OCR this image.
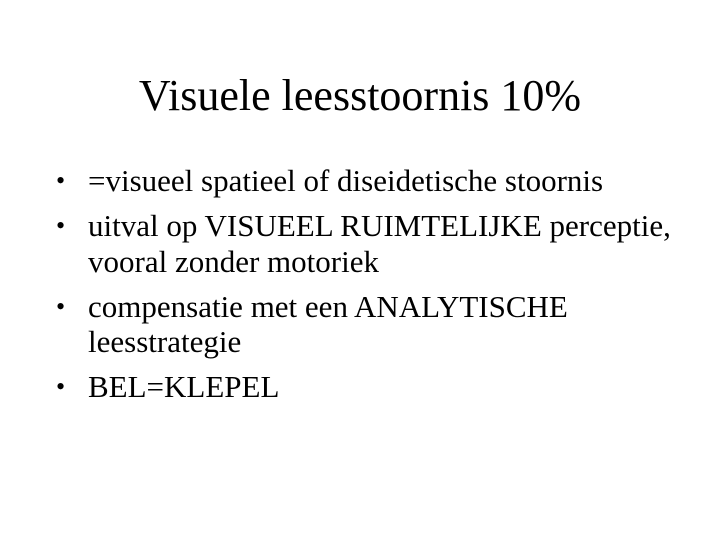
Visuele leesstoornis 10%
• =visueel spatieel of diseidetische stoornis
• uitval op VISUEEL RUIMTELIJKE perceptie, vooral zonder motoriek
• compensatie met een ANALYTISCHE leesstrategie
• BEL=KLEPEL
